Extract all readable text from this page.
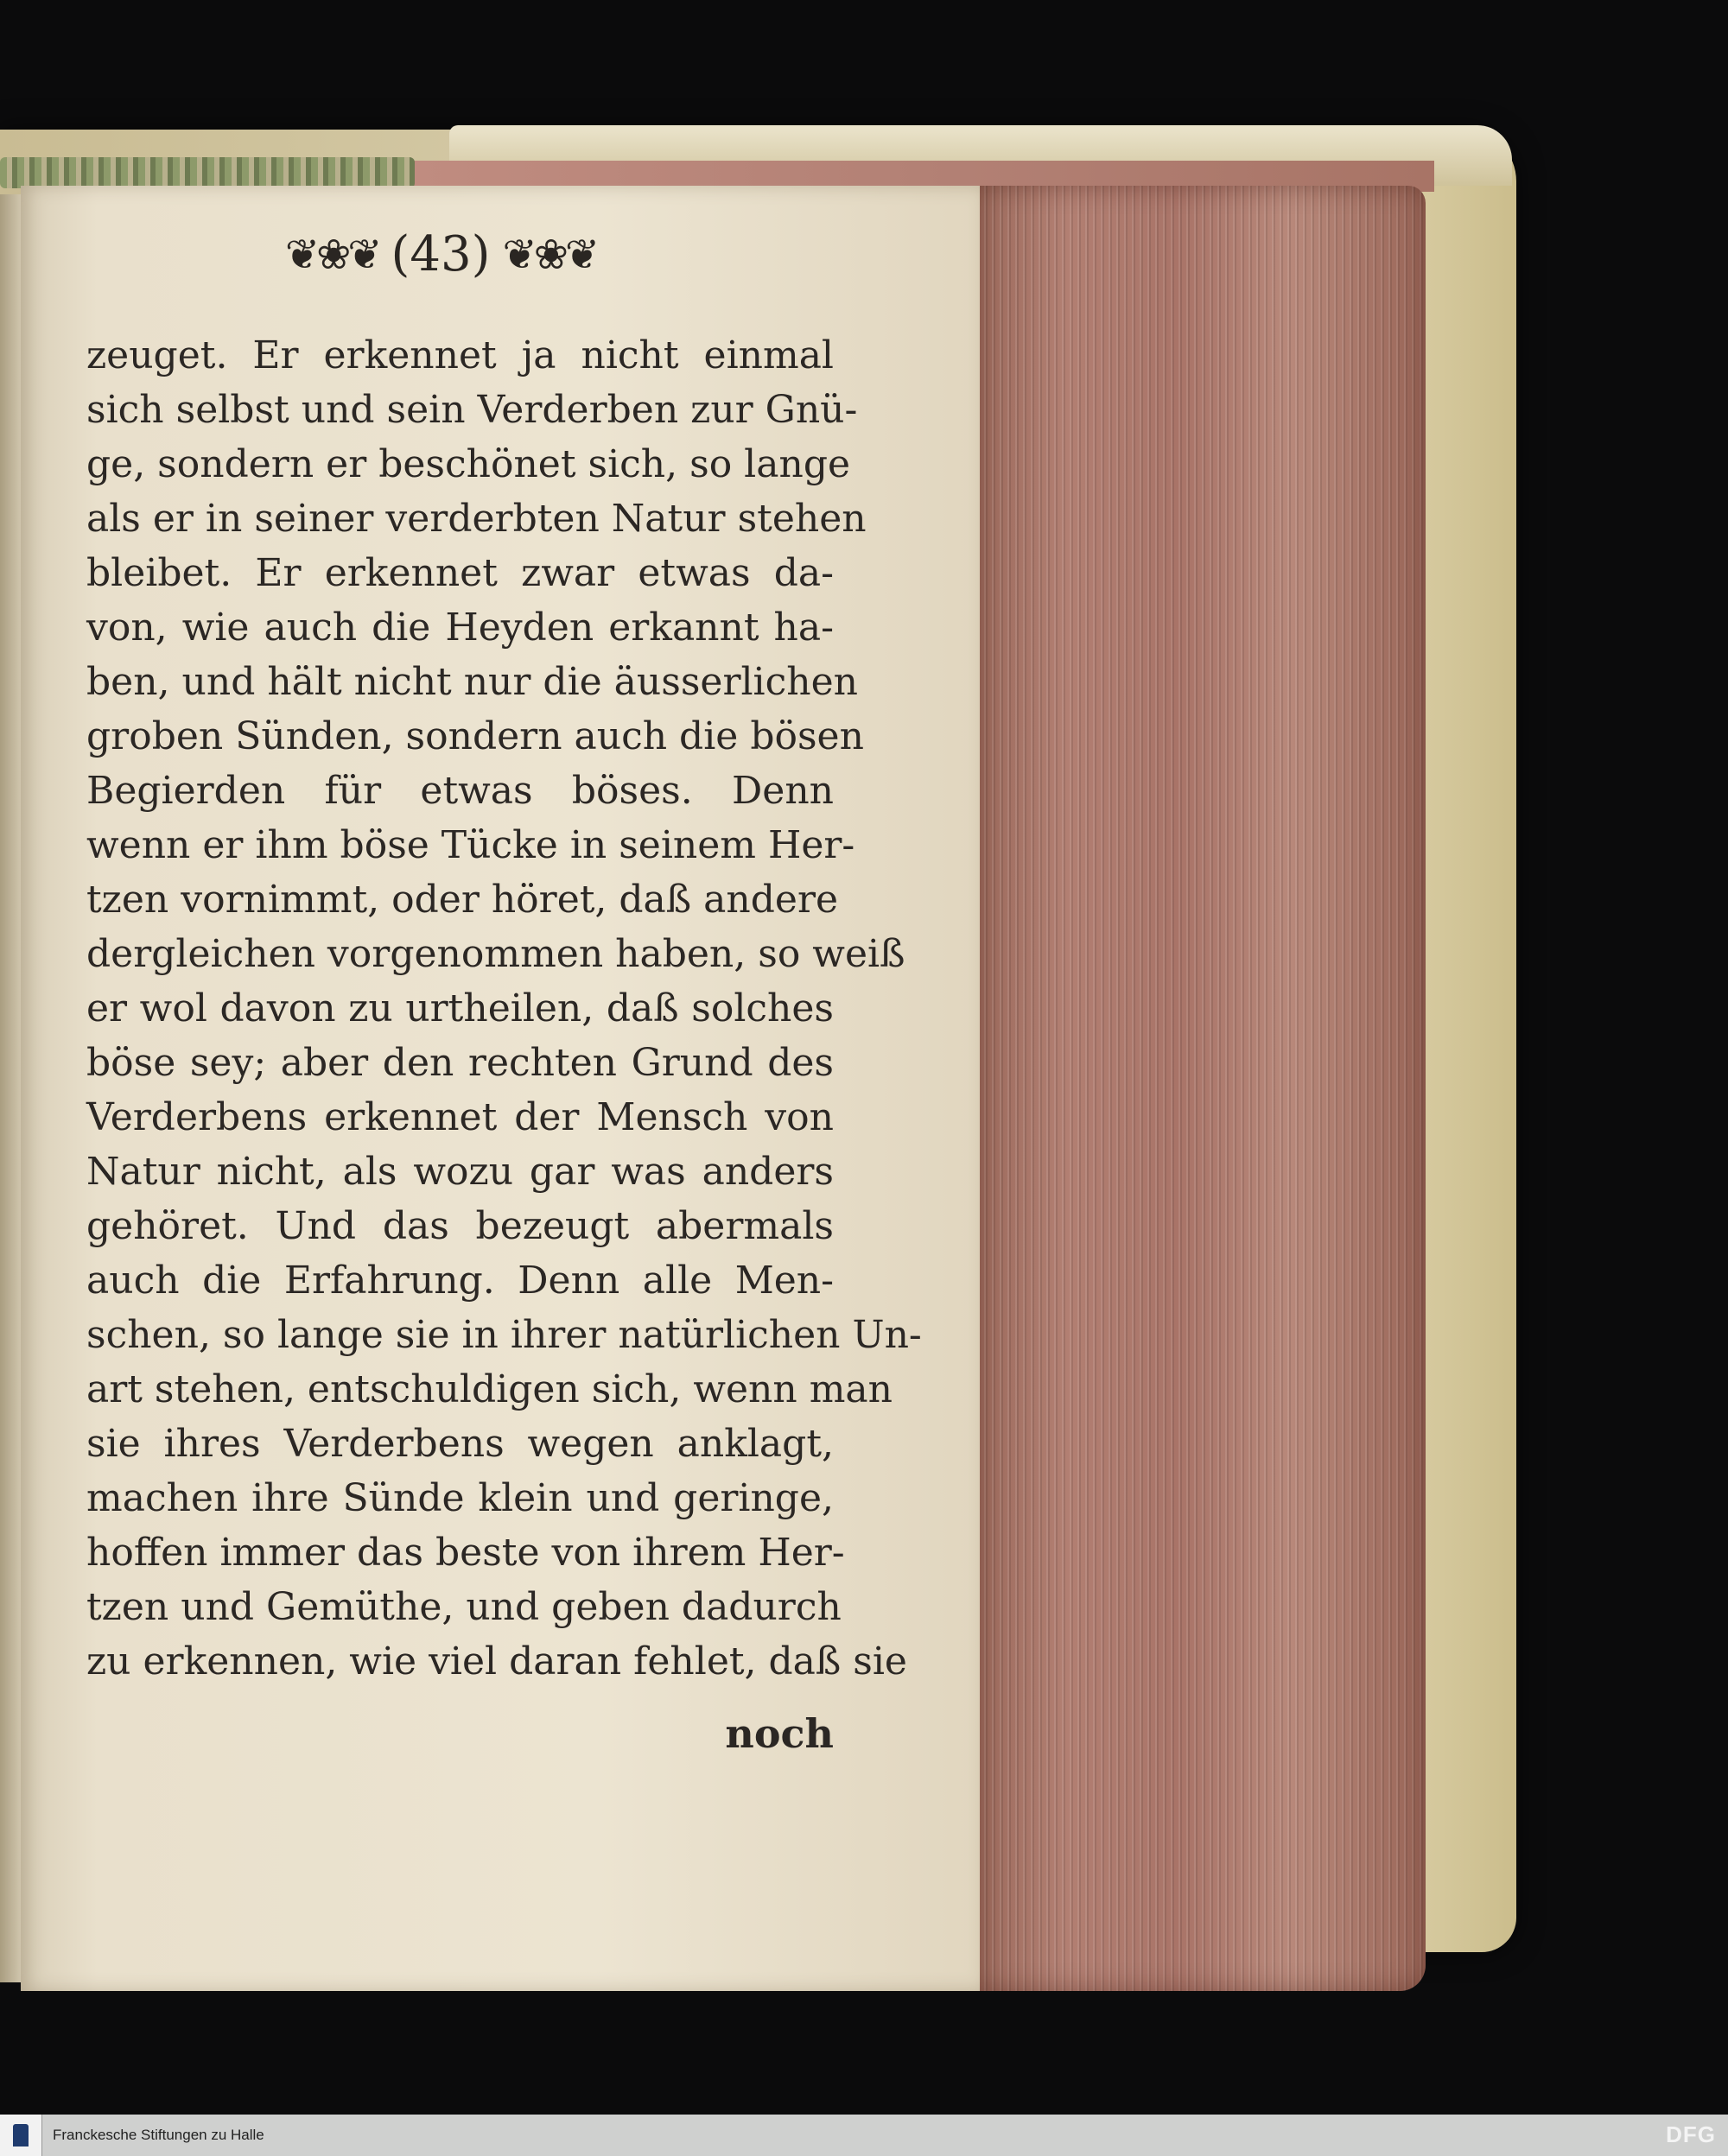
❦❀❦ (43) ❦❀❦
zeuget. Er erkennet ja nicht einmal
sich selbst und sein Verderben zur Gnü-
ge, sondern er beschönet sich, so lange
als er in seiner verderbten Natur stehen
bleibet. Er erkennet zwar etwas da-
von, wie auch die Heyden erkannt ha-
ben, und hält nicht nur die äusserlichen
groben Sünden, sondern auch die bösen
Begierden für etwas böses. Denn
wenn er ihm böse Tücke in seinem Her-
tzen vornimmt, oder höret, daß andere
dergleichen vorgenommen haben, so weiß
er wol davon zu urtheilen, daß solches
böse sey; aber den rechten Grund des
Verderbens erkennet der Mensch von
Natur nicht, als wozu gar was anders
gehöret. Und das bezeugt abermals
auch die Erfahrung. Denn alle Men-
schen, so lange sie in ihrer natürlichen Un-
art stehen, entschuldigen sich, wenn man
sie ihres Verderbens wegen anklagt,
machen ihre Sünde klein und geringe,
hoffen immer das beste von ihrem Her-
tzen und Gemüthe, und geben dadurch
zu erkennen, wie viel daran fehlet, daß sie
noch
Franckesche Stiftungen zu Halle	DFG
